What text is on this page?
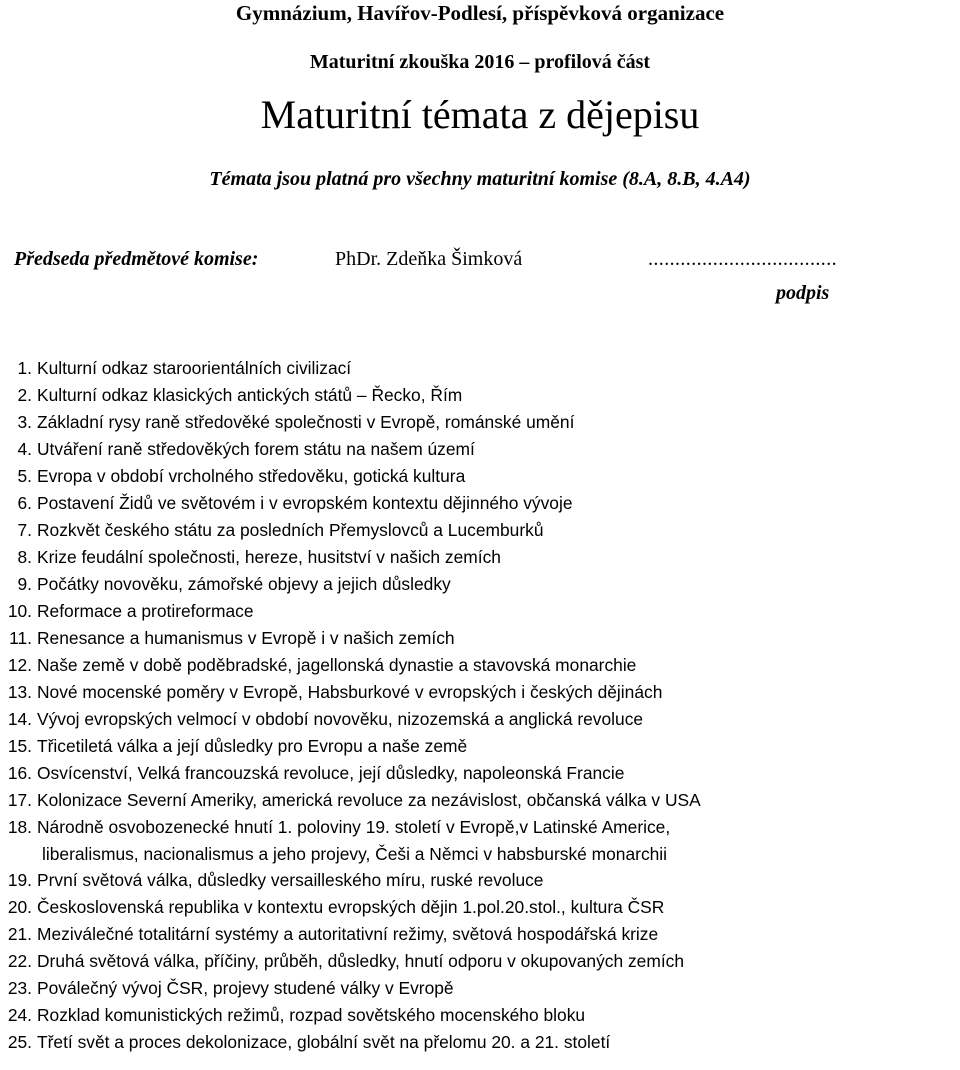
Gymnázium, Havířov-Podlesí, příspěvková organizace
Maturitní zkouška 2016 – profilová část
Maturitní témata z dějepisu
Témata jsou platná pro všechny maturitní komise (8.A, 8.B, 4.A4)
Předseda předmětové komise:	PhDr. Zdeňka Šimková	...................................
podpis
1. Kulturní odkaz staroorientálních civilizací
2. Kulturní odkaz klasických antických států – Řecko, Řím
3. Základní rysy raně středověké společnosti v Evropě, románské umění
4. Utváření raně středověkých forem státu na našem území
5. Evropa v období vrcholného středověku, gotická kultura
6. Postavení Židů ve světovém i v evropském kontextu dějinného vývoje
7. Rozkvět českého státu za posledních Přemyslovců a Lucemburků
8. Krize feudální společnosti, hereze, husitství v našich zemích
9. Počátky novověku, zámořské objevy a jejich důsledky
10. Reformace a protireformace
11. Renesance a humanismus v Evropě i v našich zemích
12. Naše země v době poděbradské, jagellonská dynastie a stavovská monarchie
13. Nové mocenské poměry v Evropě, Habsburkové v evropských i českých dějinách
14. Vývoj evropských velmocí v období novověku, nizozemská a anglická revoluce
15. Třicetiletá válka a její důsledky pro Evropu a naše země
16. Osvícenství, Velká francouzská revoluce, její důsledky, napoleonská Francie
17. Kolonizace Severní Ameriky, americká revoluce za nezávislost, občanská válka v USA
18. Národně osvobozenecké hnutí 1. poloviny 19. století v Evropě,v Latinské Americe,
liberalismus, nacionalismus a jeho projevy, Češi a Němci v habsburské monarchii
19. První světová válka, důsledky versailleského míru, ruské revoluce
20. Československá republika v kontextu evropských dějin 1.pol.20.stol., kultura ČSR
21. Meziválečné totalitární systémy a autoritativní režimy, světová hospodářská krize
22. Druhá světová válka, příčiny, průběh, důsledky, hnutí odporu v okupovaných zemích
23. Poválečný vývoj ČSR, projevy studené války v Evropě
24. Rozklad komunistických režimů, rozpad sovětského mocenského bloku
25. Třetí svět a proces dekolonizace, globální svět na přelomu 20. a 21. století
